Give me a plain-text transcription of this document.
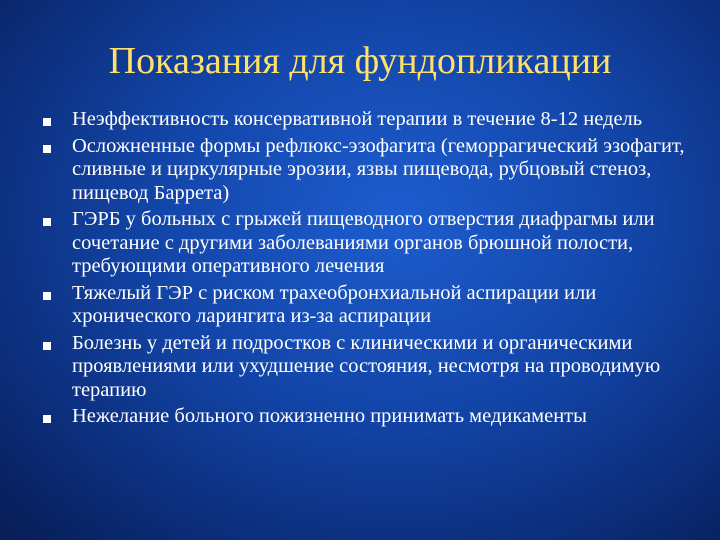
Показания для фундопликации
Неэффективность консервативной терапии в течение 8-12 недель
Осложненные формы рефлюкс-эзофагита (геморрагический эзофагит, сливные и циркулярные эрозии, язвы пищевода, рубцовый стеноз, пищевод Баррета)
ГЭРБ у больных с грыжей пищеводного отверстия диафрагмы или сочетание с другими заболеваниями органов брюшной полости, требующими оперативного лечения
Тяжелый ГЭР с риском трахеобронхиальной аспирации или хронического ларингита из-за аспирации
Болезнь у детей и подростков с клиническими и органическими проявлениями или ухудшение состояния, несмотря на проводимую терапию
Нежелание больного пожизненно принимать медикаменты
